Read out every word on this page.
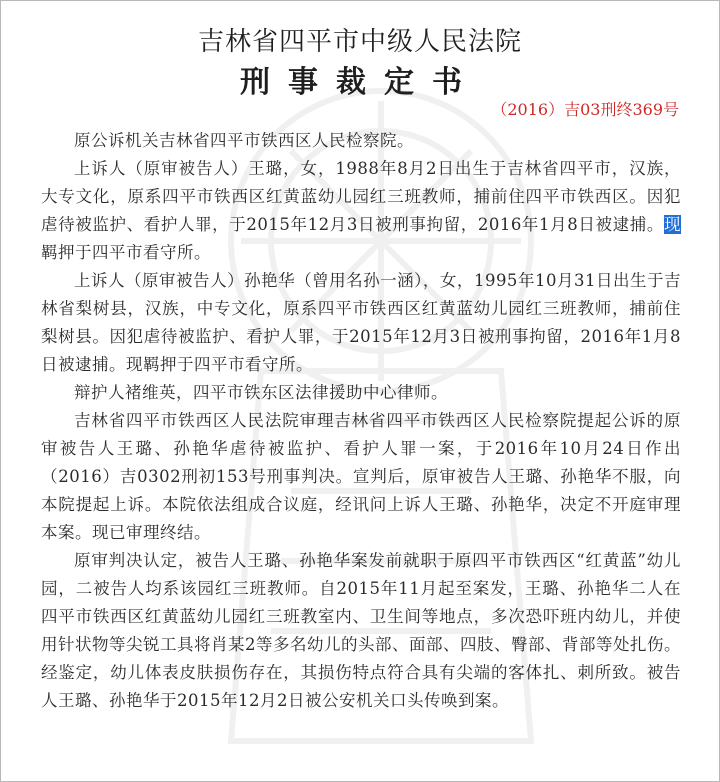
吉林省四平市中级人民法院
刑事裁定书
（2016）吉03刑终369号

原公诉机关吉林省四平市铁西区人民检察院。

上诉人（原审被告人）王璐，女，1988年8月2日出生于吉林省四平市，汉族，大专文化，原系四平市铁西区红黄蓝幼儿园红三班教师，捕前住四平市铁西区。因犯虐待被监护、看护人罪，于2015年12月3日被刑事拘留，2016年1月8日被逮捕。现羁押于四平市看守所。

上诉人（原审被告人）孙艳华（曾用名孙一涵），女，1995年10月31日出生于吉林省梨树县，汉族，中专文化，原系四平市铁西区红黄蓝幼儿园红三班教师，捕前住梨树县。因犯虐待被监护、看护人罪，于2015年12月3日被刑事拘留，2016年1月8日被逮捕。现羁押于四平市看守所。

辩护人褚维英，四平市铁东区法律援助中心律师。

吉林省四平市铁西区人民法院审理吉林省四平市铁西区人民检察院提起公诉的原审被告人王璐、孙艳华虐待被监护、看护人罪一案，于2016年10月24日作出（2016）吉0302刑初153号刑事判决。宣判后，原审被告人王璐、孙艳华不服，向本院提起上诉。本院依法组成合议庭，经讯问上诉人王璐、孙艳华，决定不开庭审理本案。现已审理终结。

原审判决认定，被告人王璐、孙艳华案发前就职于原四平市铁西区“红黄蓝”幼儿园，二被告人均系该园红三班教师。自2015年11月起至案发，王璐、孙艳华二人在四平市铁西区红黄蓝幼儿园红三班教室内、卫生间等地点，多次恐吓班内幼儿，并使用针状物等尖锐工具将肖某2等多名幼儿的头部、面部、四肢、臀部、背部等处扎伤。经鉴定，幼儿体表皮肤损伤存在，其损伤特点符合具有尖端的客体扎、刺所致。被告人王璐、孙艳华于2015年12月2日被公安机关口头传唤到案。
